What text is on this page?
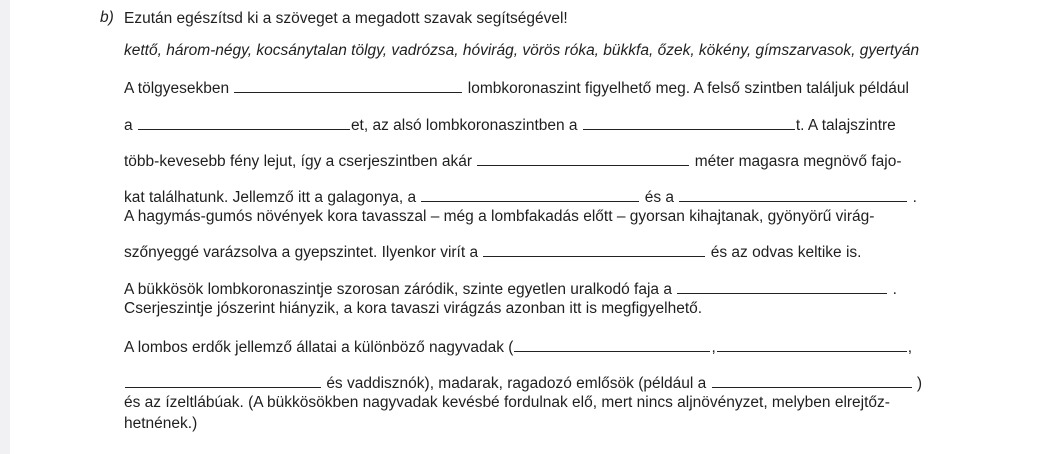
b) Ezután egészítsd ki a szöveget a megadott szavak segítségével!
kettő, három-négy, kocsánytalan tölgy, vadrózsa, hóvirág, vörös róka, bükkfa, őzek, kökény, gímszarvasok, gyertyán
A tölgyesekben	lombkoronaszint figyelhető meg. A felső szintben találjuk például
a	et, az alsó lombkoronaszintben a	t. A talajszintre
több-kevesebb fény lejut, így a cserjeszintben akár	méter magasra megnövő fajo-
kat találhatunk. Jellemző itt a galagonya, a	és a	.
A hagymás-gumós növények kora tavasszal – még a lombfakadás előtt – gyorsan kihajtanak, gyönyörű virág-
szőnyeggé varázsolva a gyepszintet. Ilyenkor virít a	és az odvas keltike is.
A bükkösök lombkoronaszintje szorosan záródik, szinte egyetlen uralkodó faja a	.
Cserjeszintje jószerint hiányzik, a kora tavaszi virágzás azonban itt is megfigyelhető.
A lombos erdők jellemző állatai a különböző nagyvadak (	,	,
és vaddisznók), madarak, ragadozó emlősök (például a	)
és az ízeltlábúak. (A bükkösökben nagyvadak kevésbé fordulnak elő, mert nincs aljnövényzet, melyben elrejtőz-
hetnének.)
